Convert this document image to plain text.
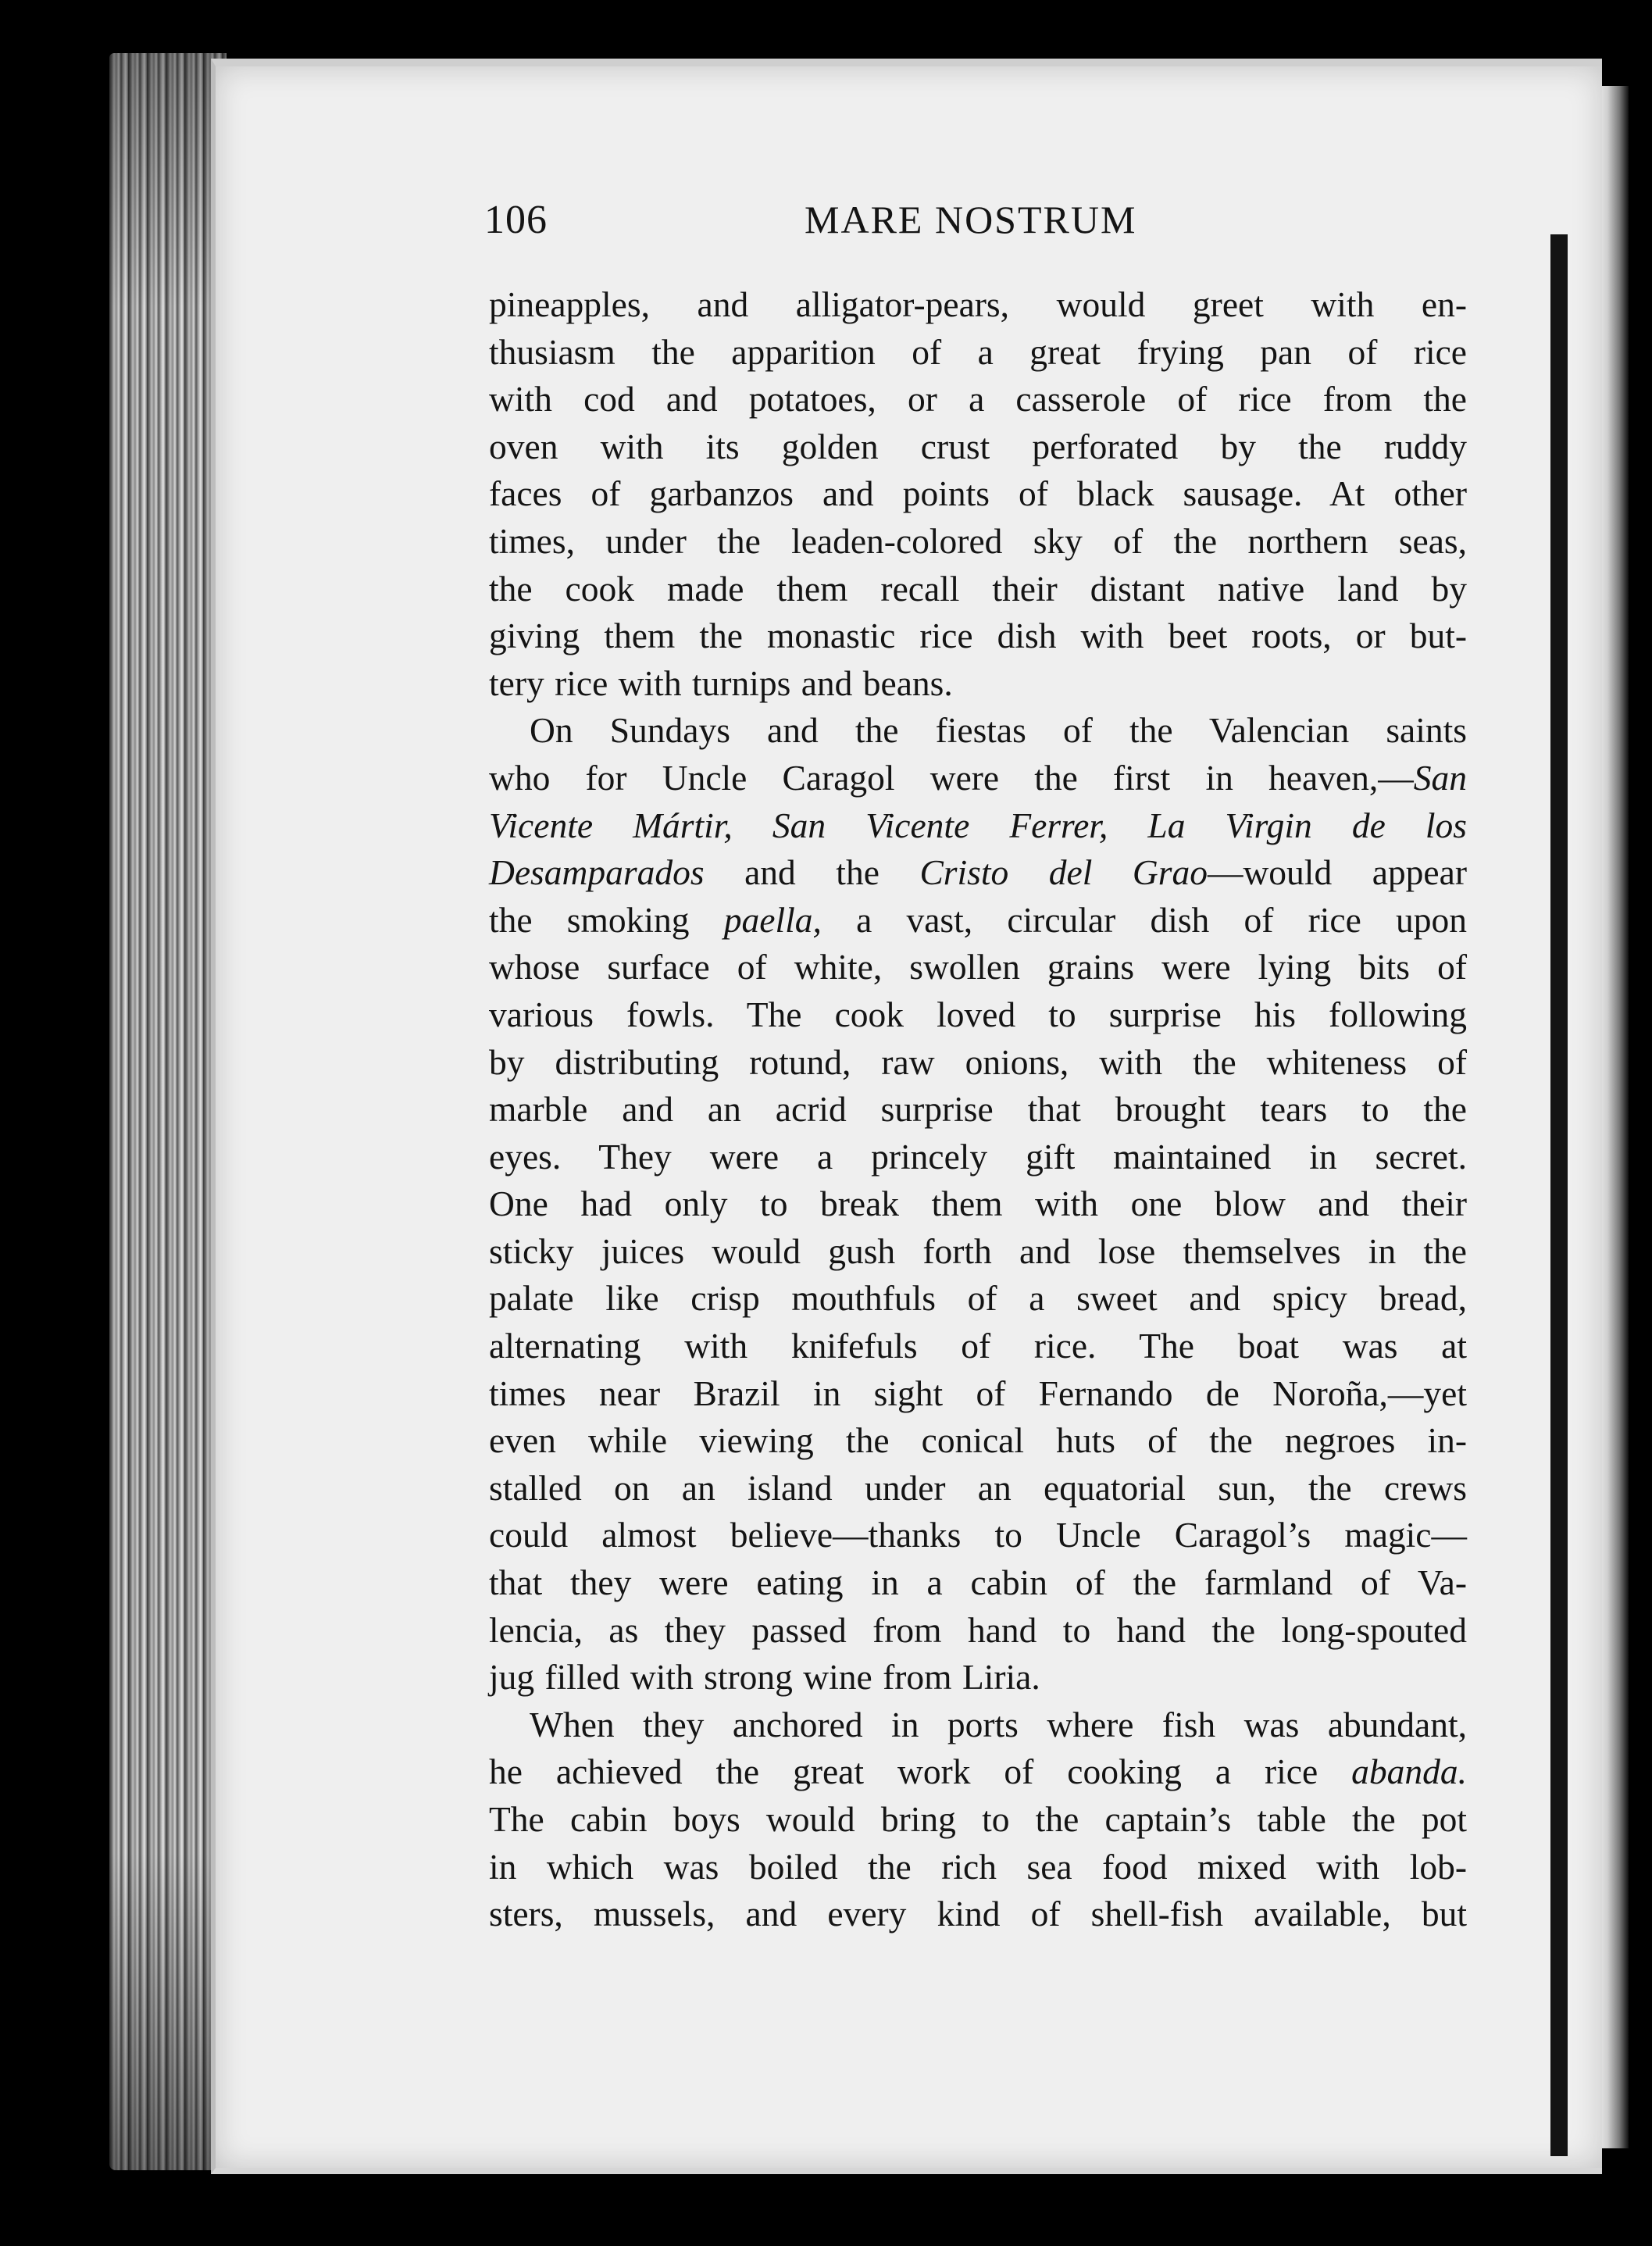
106	MARE NOSTRUM
pineapples, and alligator-pears, would greet with en-
thusiasm the apparition of a great frying pan of rice
with cod and potatoes, or a casserole of rice from the
oven with its golden crust perforated by the ruddy
faces of garbanzos and points of black sausage. At other
times, under the leaden-colored sky of the northern seas,
the cook made them recall their distant native land by
giving them the monastic rice dish with beet roots, or but-
tery rice with turnips and beans.
On Sundays and the fiestas of the Valencian saints
who for Uncle Caragol were the first in heaven,—San
Vicente Mártir, San Vicente Ferrer, La Virgin de los
Desamparados and the Cristo del Grao—would appear
the smoking paella, a vast, circular dish of rice upon
whose surface of white, swollen grains were lying bits of
various fowls. The cook loved to surprise his following
by distributing rotund, raw onions, with the whiteness of
marble and an acrid surprise that brought tears to the
eyes. They were a princely gift maintained in secret.
One had only to break them with one blow and their
sticky juices would gush forth and lose themselves in the
palate like crisp mouthfuls of a sweet and spicy bread,
alternating with knifefuls of rice. The boat was at
times near Brazil in sight of Fernando de Noroña,—yet
even while viewing the conical huts of the negroes in-
stalled on an island under an equatorial sun, the crews
could almost believe—thanks to Uncle Caragol’s magic—
that they were eating in a cabin of the farmland of Va-
lencia, as they passed from hand to hand the long-spouted
jug filled with strong wine from Liria.
When they anchored in ports where fish was abundant,
he achieved the great work of cooking a rice abanda.
The cabin boys would bring to the captain’s table the pot
in which was boiled the rich sea food mixed with lob-
sters, mussels, and every kind of shell-fish available, but
